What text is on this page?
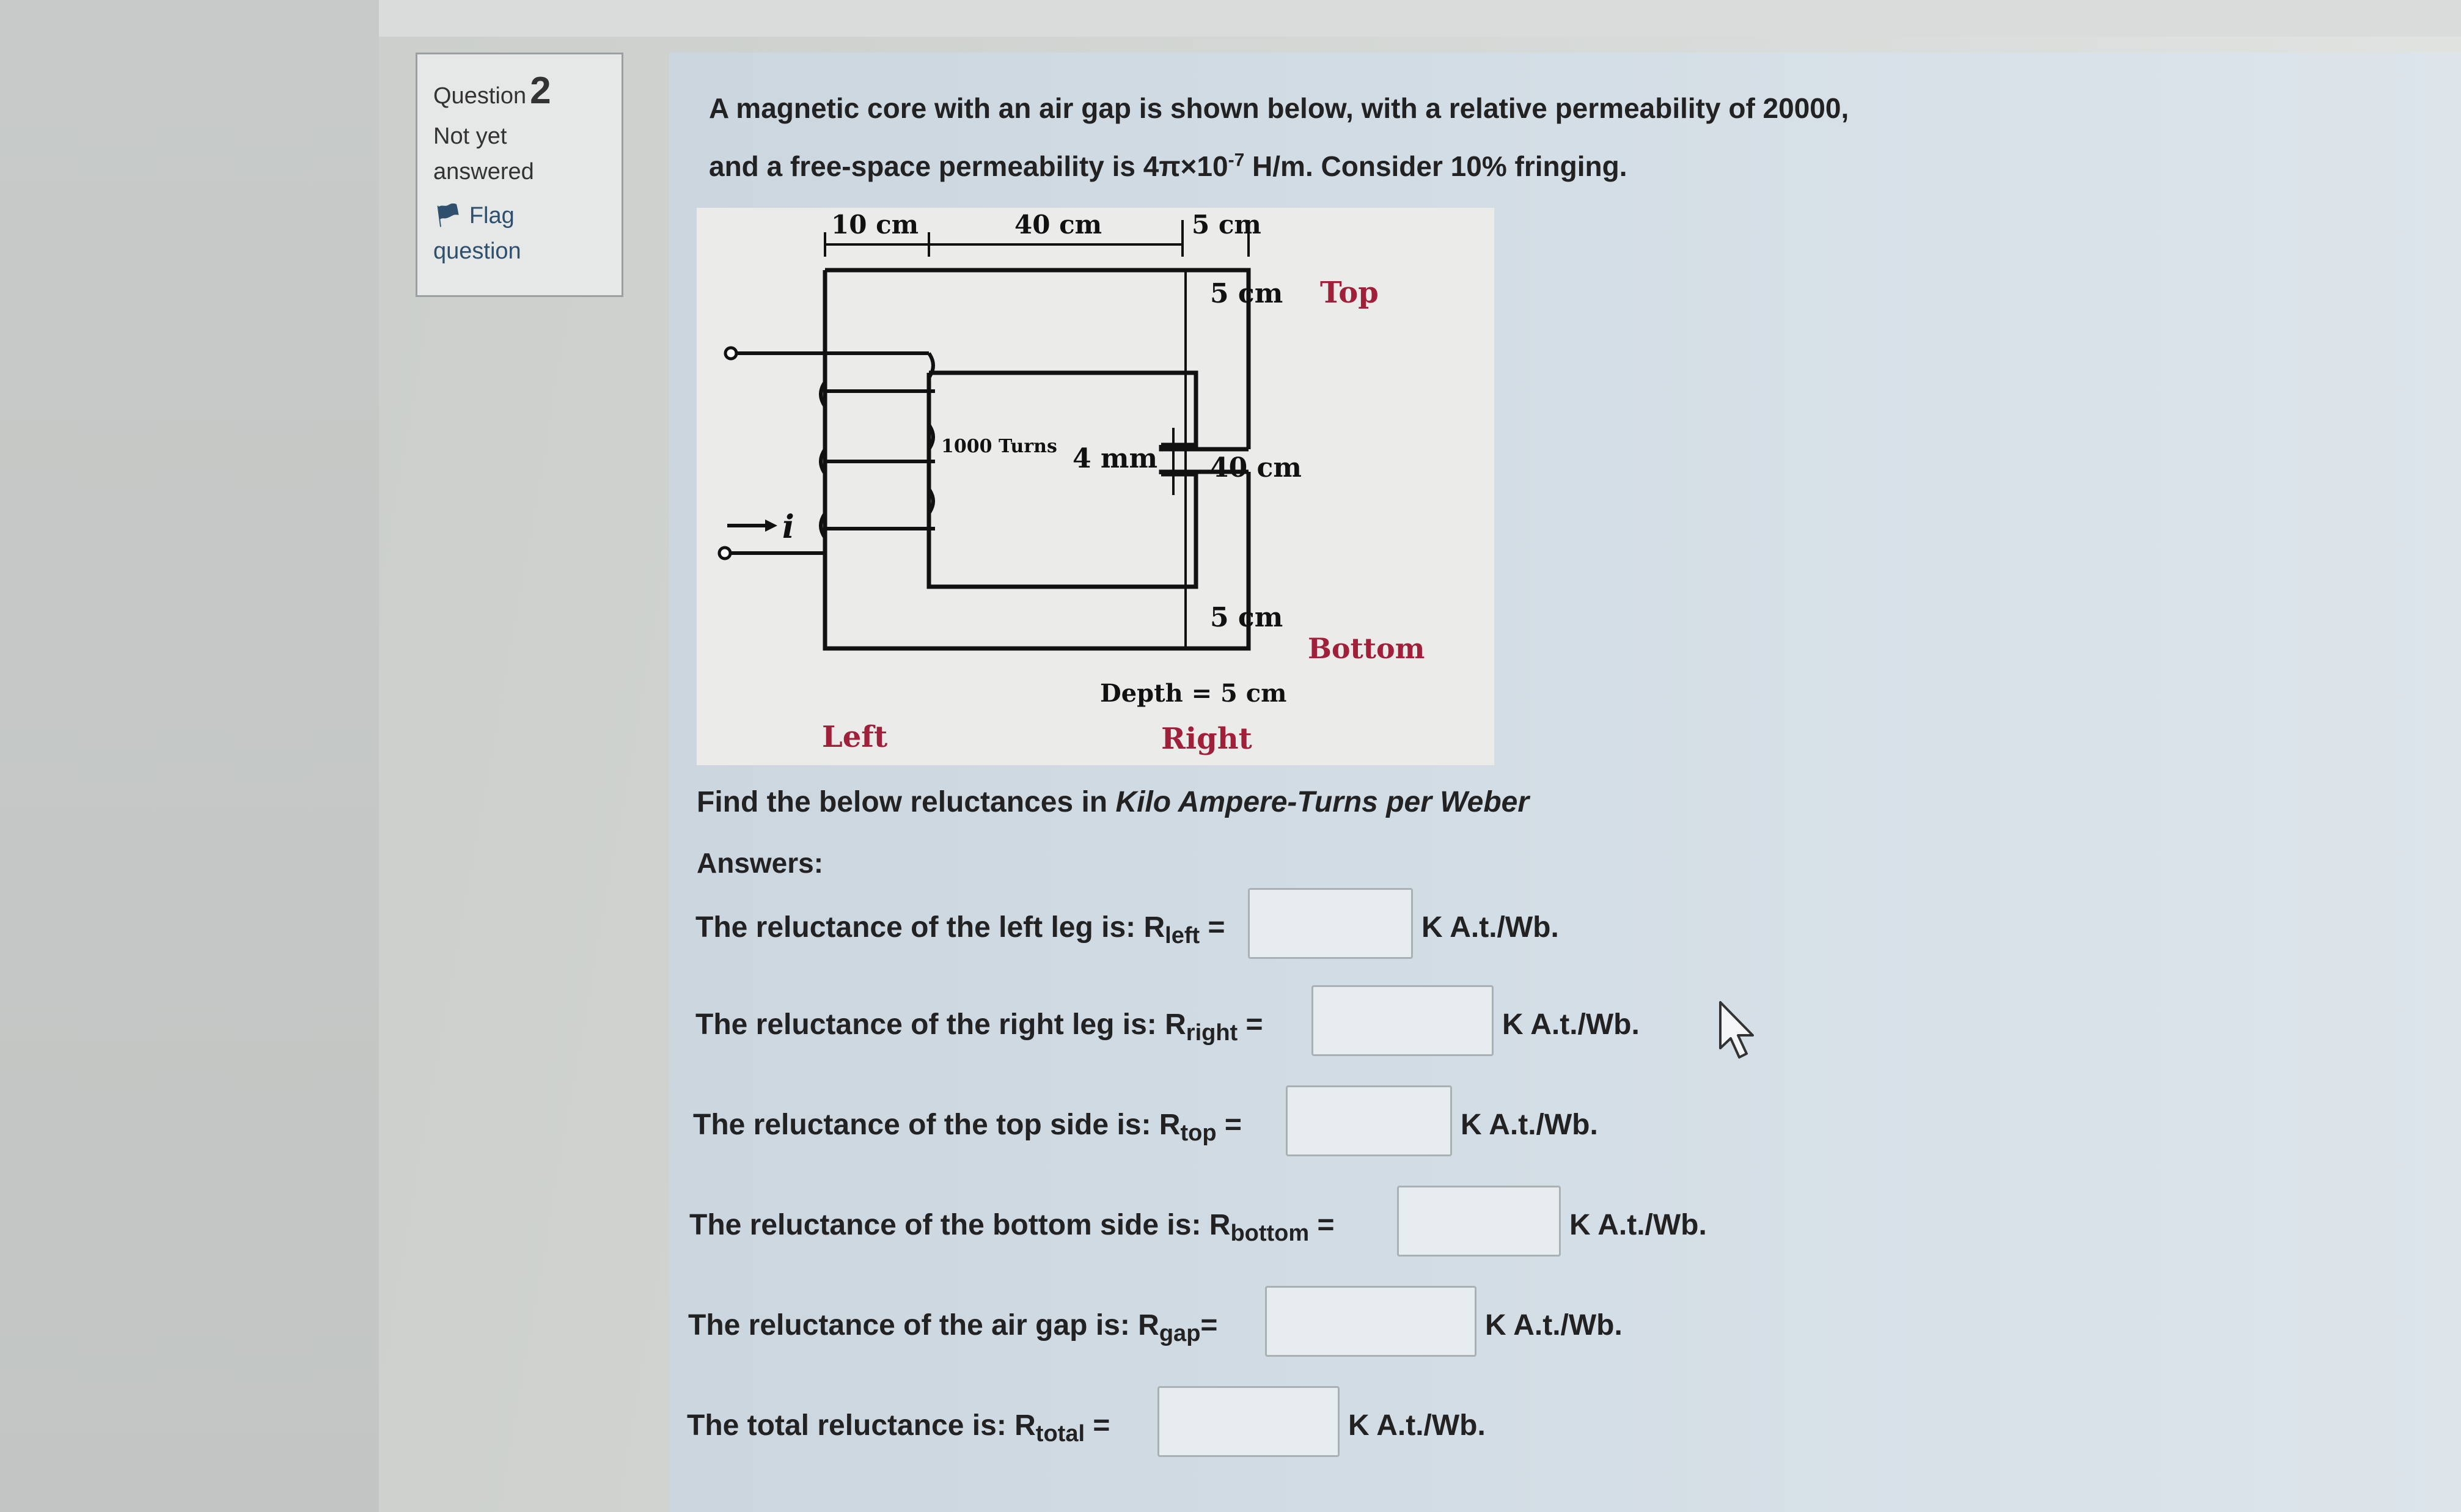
Question2
Not yet answered
🏴︎ Flag question
A magnetic core with an air gap is shown below, with a relative permeability of 20000,
and a free-space permeability is $4\pi\times 10^{-7}$ H/m. Consider 10% fringing.
i
10 cm	40 cm	5 cm
5 cm
40 cm
5 cm
Top
Bottom
1000 Turns 4 mm
Depth = 5 cm
Left	Right
Find the below reluctances in Kilo Ampere-Turns per Weber
Answers:
The reluctance of the left leg is: $R_{left}$ =	K A.t./Wb.
The reluctance of the right leg is: $R_{right}$ =	K A.t./Wb.
The reluctance of the top side is: $R_{top}$ =	K A.t./Wb.
The reluctance of the bottom side is: $R_{bottom}$ =	K A.t./Wb.
The reluctance of the air gap is: $R_{gap}=$	K A.t./Wb.
The total reluctance is: $R_{total}$ =	K A.t./Wb.
